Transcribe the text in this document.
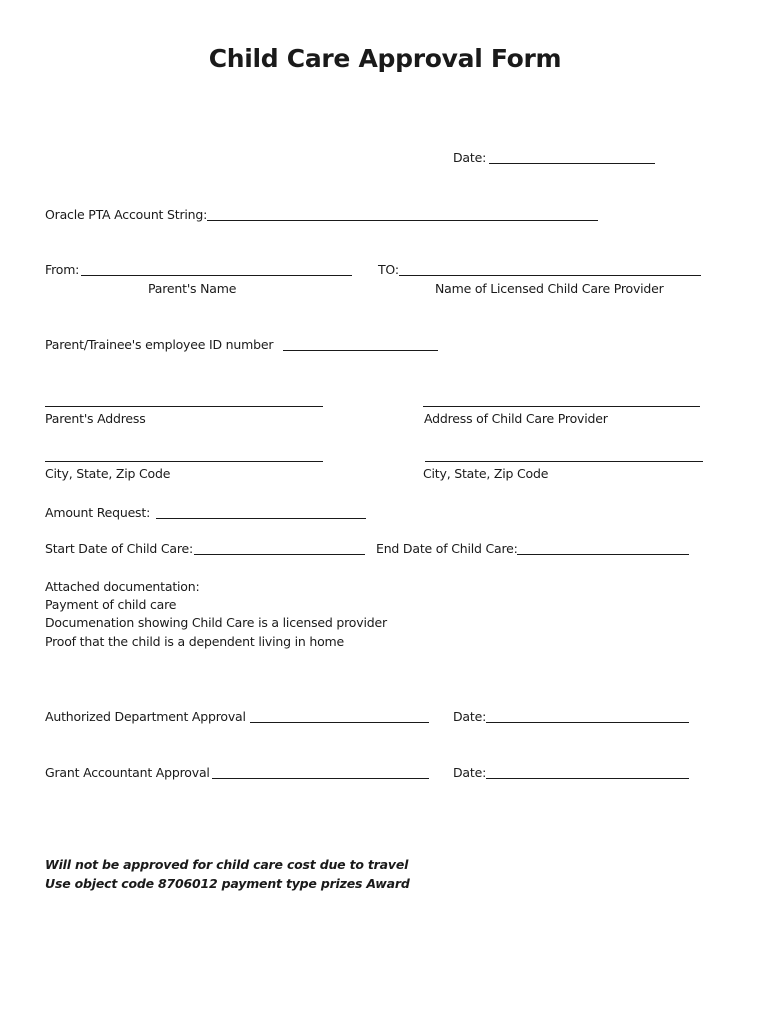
Child Care Approval Form
Date:
Oracle PTA Account String:
From:
Parent's Name
TO:
Name of Licensed Child Care Provider
Parent/Trainee's employee ID number
Parent's Address	Address of Child Care Provider
City, State, Zip Code	City, State, Zip Code
Amount Request:
Start Date of Child Care:	End Date of Child Care:
Attached documentation:
Payment of child care
Documenation showing Child Care is a licensed provider
Proof that the child is a dependent living in home
Authorized Department Approval	Date:
Grant Accountant Approval	Date:
Will not be approved for child care cost due to travel
Use object code 8706012 payment type prizes Award
